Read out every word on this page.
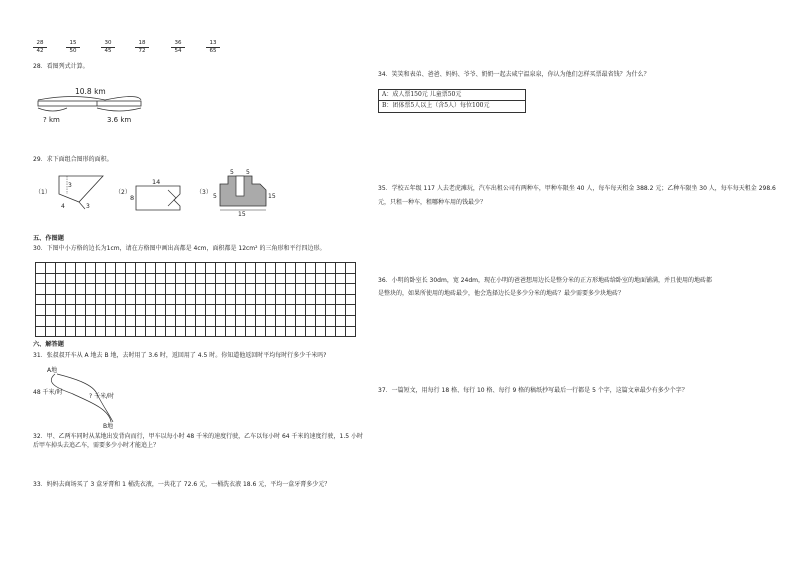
$\frac{28}{42}$	$\frac{15}{50}$	$\frac{30}{45}$	$\frac{18}{72}$	$\frac{36}{54}$	$\frac{13}{65}$
28．看图列式计算。
10.8 km
? km	3.6 km
29．求下面组合图形的面积。
（1）
3
4	3
（2）
14
8
（3）
5 5
5	15
15
五、作图题
30．下图中小方格的边长为1cm，请在方格图中画出高都是 4cm，面积都是 12cm² 的三角形和平行四边形。

六、解答题
31．张叔叔开车从 A 地去 B 地，去时用了 3.6 时，返回用了 4.5 时。你知道他返回时平均每时行多少千米吗?
A地
48 千米/时
? 千米/时
B地
32．甲、乙两车同时从某地出发背向而行，甲车以每小时 48 千米的速度行驶，乙车以每小时 64 千米的速度行驶，1.5 小时后甲车掉头去追乙车，需要多少小时才能追上？
33．妈妈去商场买了 3 盒牙膏和 1 桶洗衣液，一共花了 72.6 元，一桶洗衣液 18.6 元，平均一盒牙膏多少元？
34．笑笑和表弟、爸爸、妈妈、爷爷、奶奶一起去咸宁温泉泉，你认为他们怎样买票最省钱？为什么？
A：成人票150元 儿童票50元
B：团体票5人以上（含5人）每位100元
35．学校五年级 117 人去老虎滩玩，汽车出租公司有两种车，甲种车限坐 40 人，每车每天租金 388.2 元；乙种车限坐 30 人，每车每天租金 298.6 元，只租一种车，租哪种车用的钱最少？
36．小明的卧室长 30dm，宽 24dm，现在小明的爸爸想用边长是整分米的正方形地砖给卧室的地面铺满，并且使用的地砖都是整块的，如果所使用的地砖最少，他会选择边长是多少分米的地砖？最少需要多少块地砖？
37．一篇短文，用每行 18 格、每行 10 格、每行 9 格的稿纸抄写最后一行都是 5 个字，这篇文章最少有多少个字？
